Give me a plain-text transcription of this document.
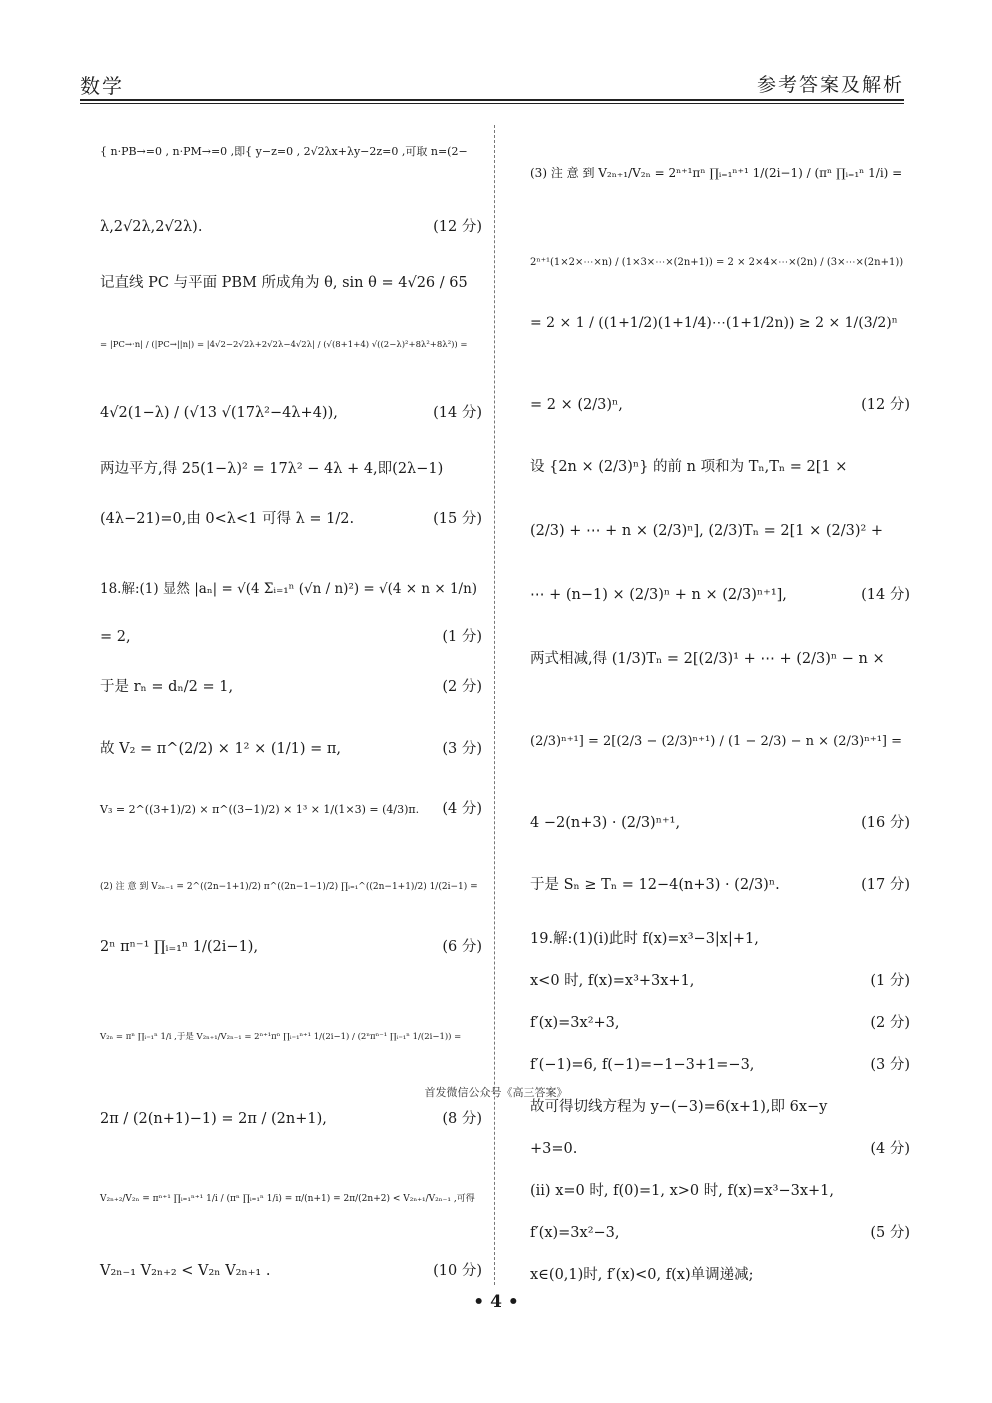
数学	参考答案及解析
{ n·PB→=0 , n·PM→=0 ,即{ y−z=0 , 2√2λx+λy−2z=0 ,可取 n=(2−
λ,2√2λ,2√2λ).	(12 分)
记直线 PC 与平面 PBM 所成角为 θ, sin θ = 4√26 / 65
= |PC→·n| / (|PC→||n|) = |4√2−2√2λ+2√2λ−4√2λ| / (√(8+1+4) √((2−λ)²+8λ²+8λ²)) =
4√2(1−λ) / (√13 √(17λ²−4λ+4)),	(14 分)
两边平方,得 25(1−λ)² = 17λ² − 4λ + 4,即(2λ−1)
(4λ−21)=0,由 0<λ<1 可得 λ = 1/2.	(15 分)
18.解:(1) 显然 |aₙ| = √(4 Σᵢ₌₁ⁿ (√n / n)²) = √(4 × n × 1/n)
= 2,	(1 分)
于是 rₙ = dₙ/2 = 1,	(2 分)
故 V₂ = π^(2/2) × 1² × (1/1) = π,	(3 分)
V₃ = 2^((3+1)/2) × π^((3−1)/2) × 1³ × 1/(1×3) = (4/3)π. (4 分)
(2) 注 意 到 V₂ₙ₋₁ = 2^((2n−1+1)/2) π^((2n−1−1)/2) ∏ᵢ₌₁^((2n−1+1)/2) 1/(2i−1) =
2ⁿ πⁿ⁻¹ ∏ᵢ₌₁ⁿ 1/(2i−1),	(6 分)
V₂ₙ = πⁿ ∏ᵢ₌₁ⁿ 1/i ,于是 V₂ₙ₊₁/V₂ₙ₋₁ = 2ⁿ⁺¹πⁿ ∏ᵢ₌₁ⁿ⁺¹ 1/(2i−1) / (2ⁿπⁿ⁻¹ ∏ᵢ₌₁ⁿ 1/(2i−1)) =
2π / (2(n+1)−1) = 2π / (2n+1),	(8 分)
V₂ₙ₊₂/V₂ₙ = πⁿ⁺¹ ∏ᵢ₌₁ⁿ⁺¹ 1/i / (πⁿ ∏ᵢ₌₁ⁿ 1/i) = π/(n+1) = 2π/(2n+2) < V₂ₙ₊₁/V₂ₙ₋₁ ,可得
V₂ₙ₋₁ V₂ₙ₊₂ < V₂ₙ V₂ₙ₊₁ .	(10 分)
(3) 注 意 到 V₂ₙ₊₁/V₂ₙ = 2ⁿ⁺¹πⁿ ∏ᵢ₌₁ⁿ⁺¹ 1/(2i−1) / (πⁿ ∏ᵢ₌₁ⁿ 1/i) =
2ⁿ⁺¹(1×2×⋯×n) / (1×3×⋯×(2n+1)) = 2 × 2×4×⋯×(2n) / (3×⋯×(2n+1))
= 2 × 1 / ((1+1/2)(1+1/4)⋯(1+1/2n)) ≥ 2 × 1/(3/2)ⁿ
= 2 × (2/3)ⁿ,	(12 分)
设 {2n × (2/3)ⁿ} 的前 n 项和为 Tₙ,Tₙ = 2[1 ×
(2/3) + ⋯ + n × (2/3)ⁿ], (2/3)Tₙ = 2[1 × (2/3)² +
⋯ + (n−1) × (2/3)ⁿ + n × (2/3)ⁿ⁺¹],	(14 分)
两式相减,得 (1/3)Tₙ = 2[(2/3)¹ + ⋯ + (2/3)ⁿ − n ×
(2/3)ⁿ⁺¹] = 2[(2/3 − (2/3)ⁿ⁺¹) / (1 − 2/3) − n × (2/3)ⁿ⁺¹] =
4 −2(n+3) · (2/3)ⁿ⁺¹,	(16 分)
于是 Sₙ ≥ Tₙ = 12−4(n+3) · (2/3)ⁿ.	(17 分)
19.解:(1)(ⅰ)此时 f(x)=x³−3|x|+1,
x<0 时, f(x)=x³+3x+1,	(1 分)
f′(x)=3x²+3,	(2 分)
f′(−1)=6, f(−1)=−1−3+1=−3,	(3 分)
故可得切线方程为 y−(−3)=6(x+1),即 6x−y
+3=0.	(4 分)
(ⅱ) x=0 时, f(0)=1, x>0 时, f(x)=x³−3x+1,
f′(x)=3x²−3,	(5 分)
x∈(0,1)时, f′(x)<0, f(x)单调递减;
首发微信公众号《高三答案》
• 4 •
